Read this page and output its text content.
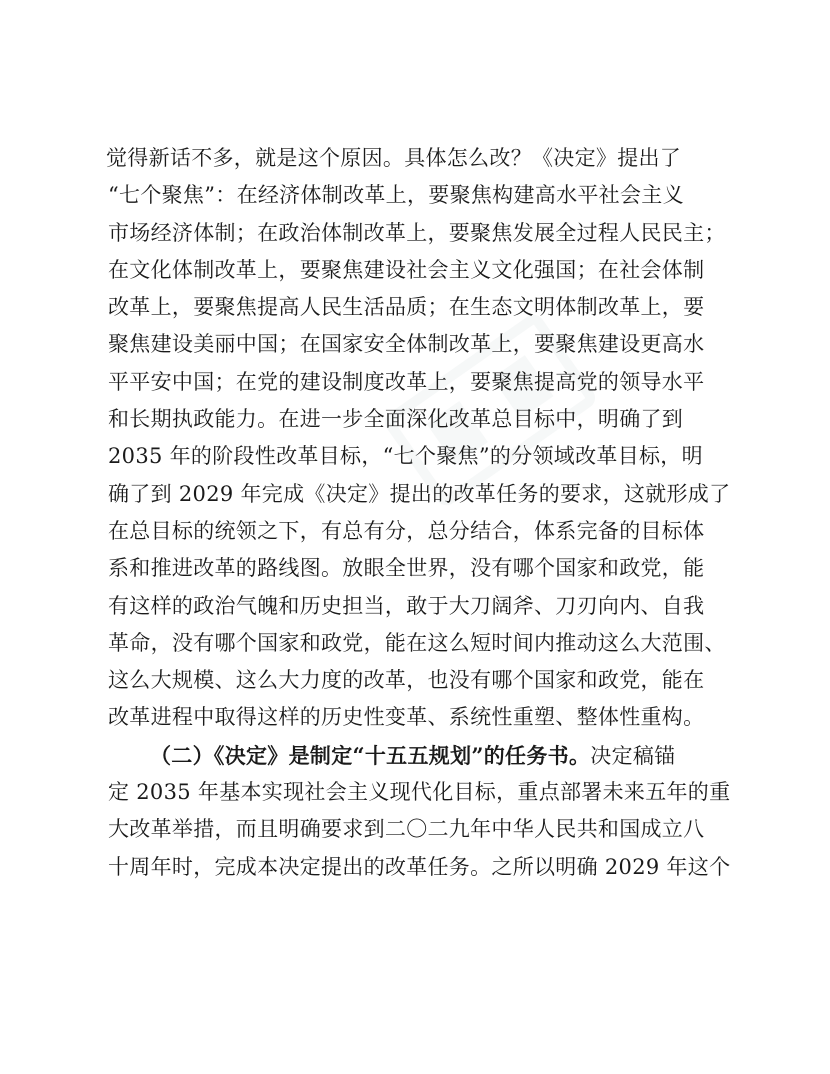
觉得新话不多，就是这个原因。具体怎么改？《决定》提出了
“七个聚焦”：在经济体制改革上，要聚焦构建高水平社会主义
市场经济体制；在政治体制改革上，要聚焦发展全过程人民民主；
在文化体制改革上，要聚焦建设社会主义文化强国；在社会体制
改革上，要聚焦提高人民生活品质；在生态文明体制改革上，要
聚焦建设美丽中国；在国家安全体制改革上，要聚焦建设更高水
平平安中国；在党的建设制度改革上，要聚焦提高党的领导水平
和长期执政能力。在进一步全面深化改革总目标中，明确了到
2035 年的阶段性改革目标，“七个聚焦”的分领域改革目标，明
确了到 2029 年完成《决定》提出的改革任务的要求，这就形成了
在总目标的统领之下，有总有分，总分结合，体系完备的目标体
系和推进改革的路线图。放眼全世界，没有哪个国家和政党，能
有这样的政治气魄和历史担当，敢于大刀阔斧、刀刃向内、自我
革命，没有哪个国家和政党，能在这么短时间内推动这么大范围、
这么大规模、这么大力度的改革，也没有哪个国家和政党，能在
改革进程中取得这样的历史性变革、系统性重塑、整体性重构。
（二）《决定》是制定“十五五规划”的任务书。决定稿锚
定 2035 年基本实现社会主义现代化目标，重点部署未来五年的重
大改革举措，而且明确要求到二〇二九年中华人民共和国成立八
十周年时，完成本决定提出的改革任务。之所以明确 2029 年这个
